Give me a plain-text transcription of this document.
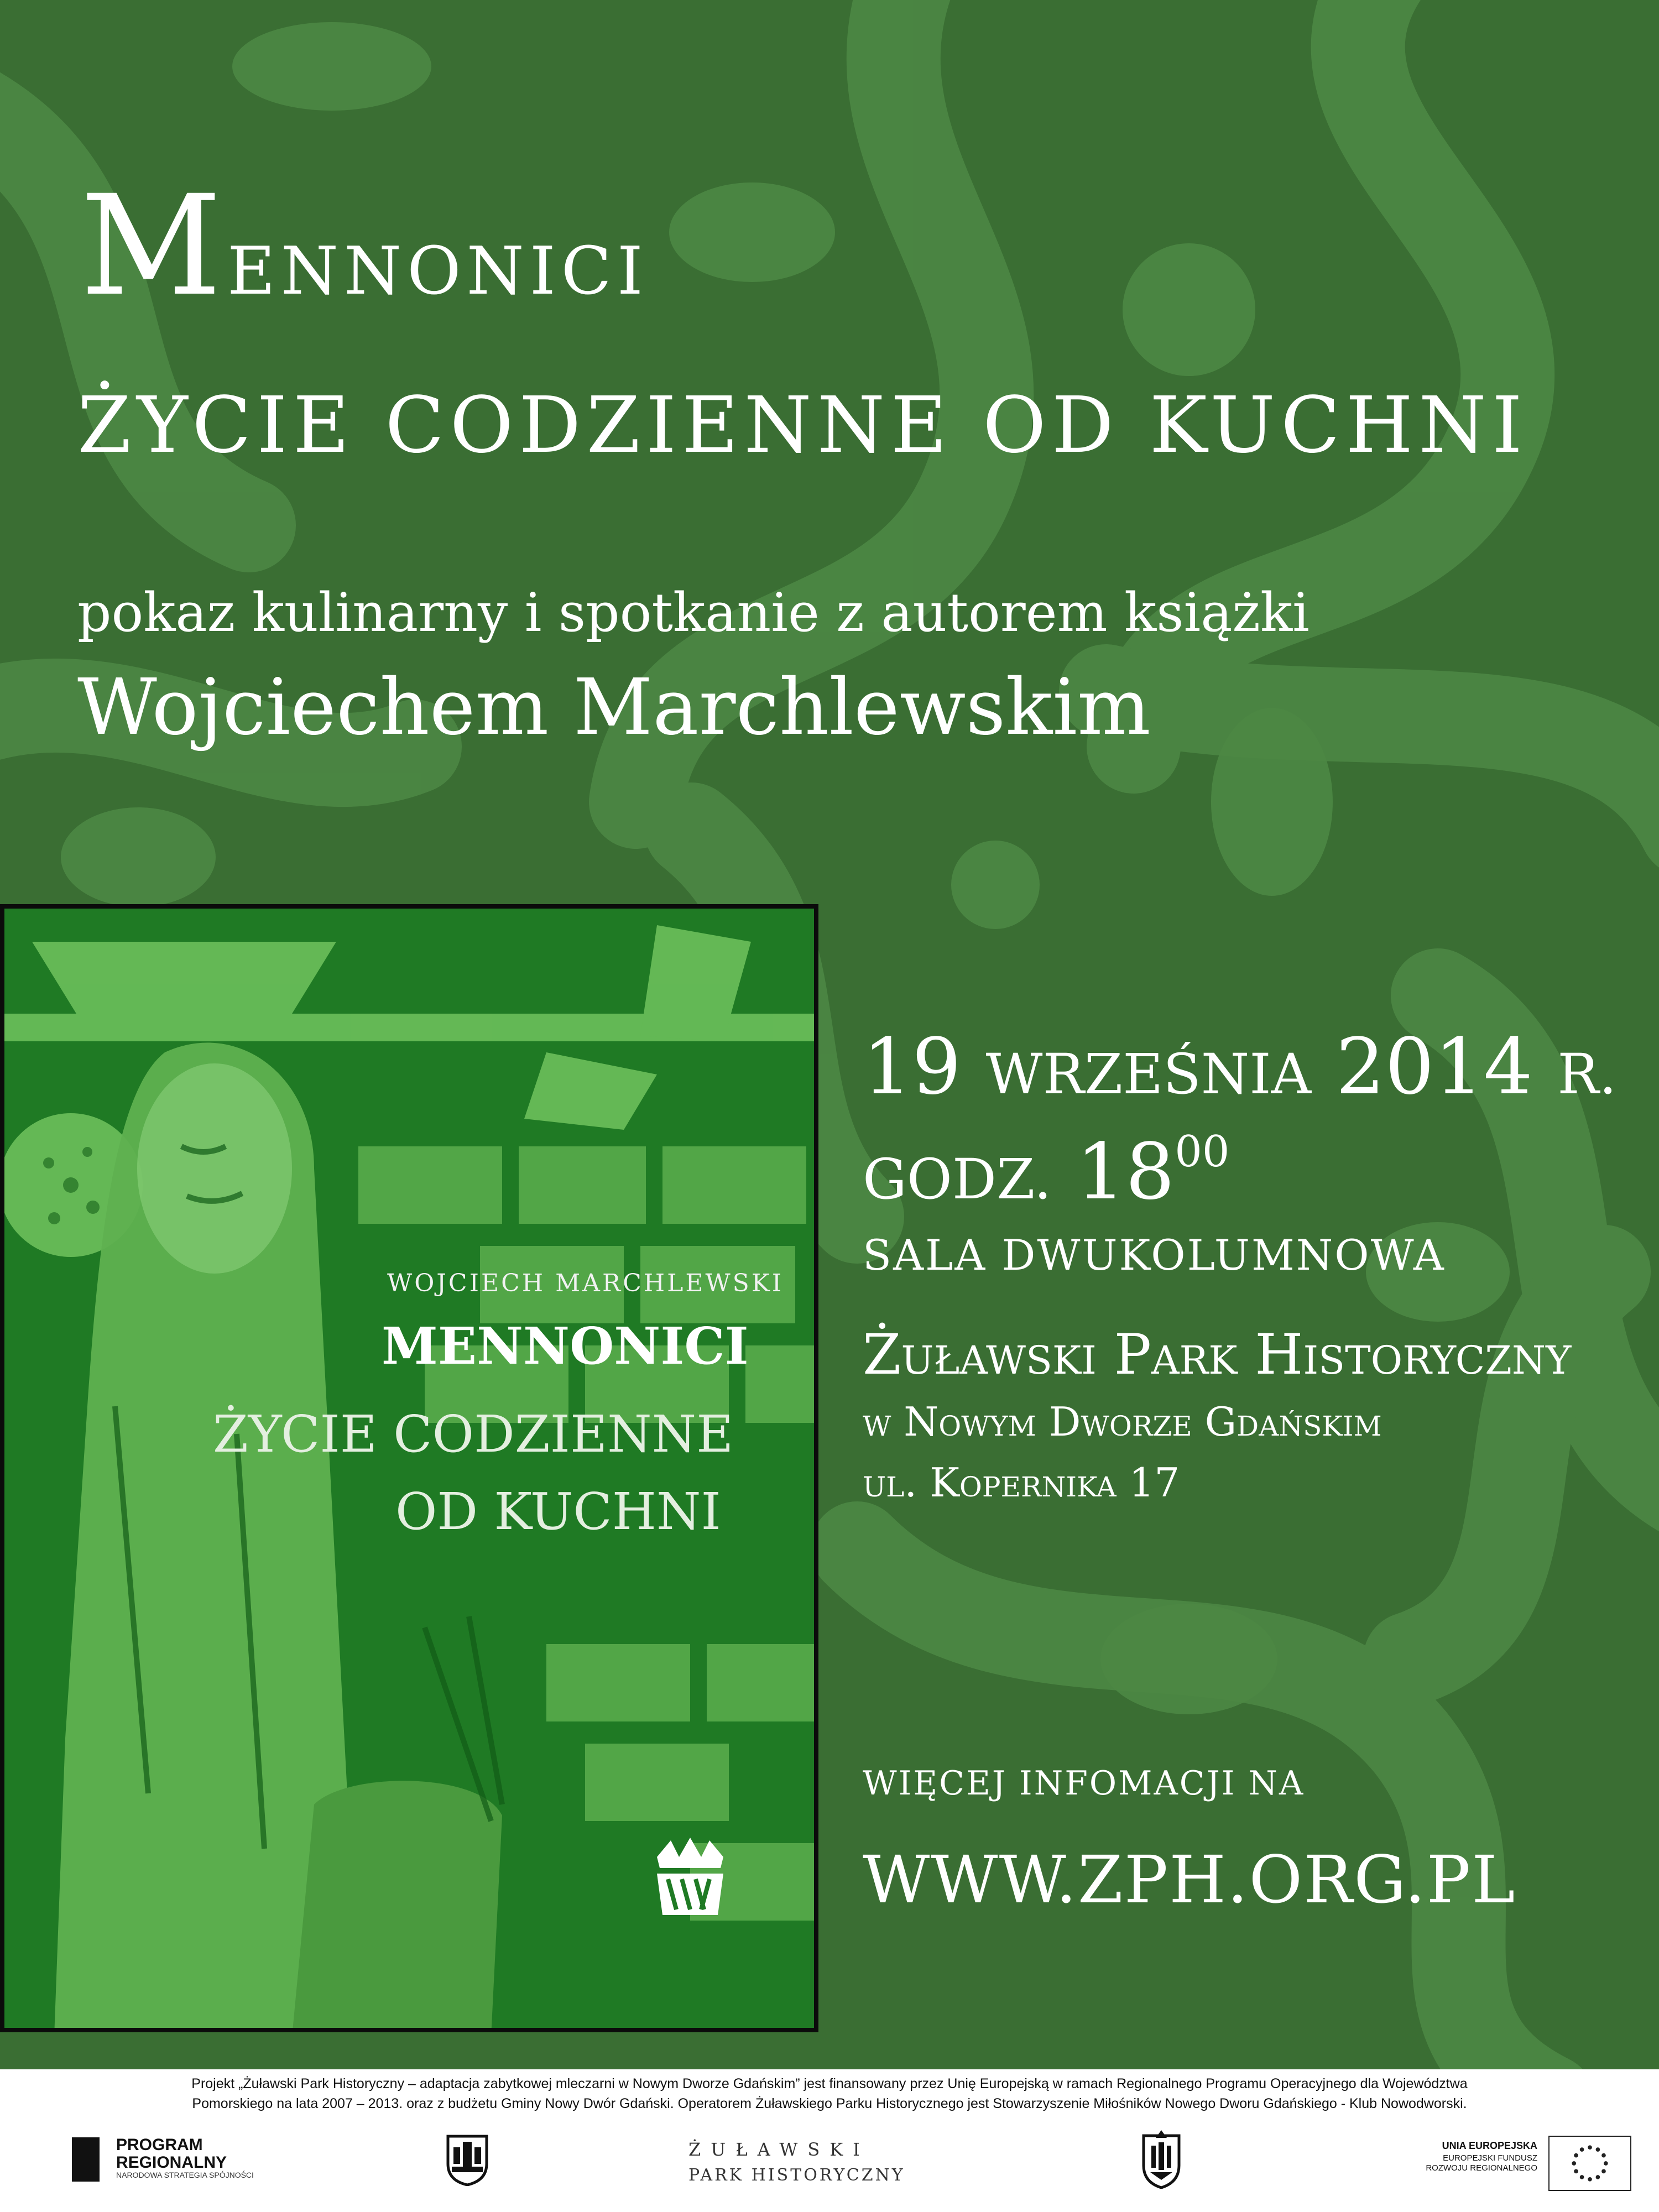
Mennonici
ŻYCIE CODZIENNE OD KUCHNI
pokaz kulinarny i spotkanie z autorem książki
Wojciechem Marchlewskim
WOJCIECH MARCHLEWSKI
MENNONICI
ŻYCIE CODZIENNE
OD KUCHNI
19 WRZEŚNIA 2014 R.
GODZ. $18^{00}$
SALA DWUKOLUMNOWA
Żuławski Park Historyczny
w Nowym Dworze Gdańskim
ul. Kopernika 17
WIĘCEJ INFOMACJI NA
WWW.ZPH.ORG.PL
Projekt „Żuławski Park Historyczny – adaptacja zabytkowej mleczarni w Nowym Dworze Gdańskim” jest finansowany przez Unię Europejską w ramach Regionalnego Programu Operacyjnego dla Województwa
Pomorskiego na lata 2007 – 2013. oraz z budżetu Gminy Nowy Dwór Gdański. Operatorem Żuławskiego Parku Historycznego jest Stowarzyszenie Miłośników Nowego Dworu Gdańskiego - Klub Nowodworski.
PROGRAM
REGIONALNY
NARODOWA STRATEGIA SPÓJNOŚCI
ŻUŁAWSKI
PARK HISTORYCZNY
UNIA EUROPEJSKA
EUROPEJSKI FUNDUSZ
ROZWOJU REGIONALNEGO
